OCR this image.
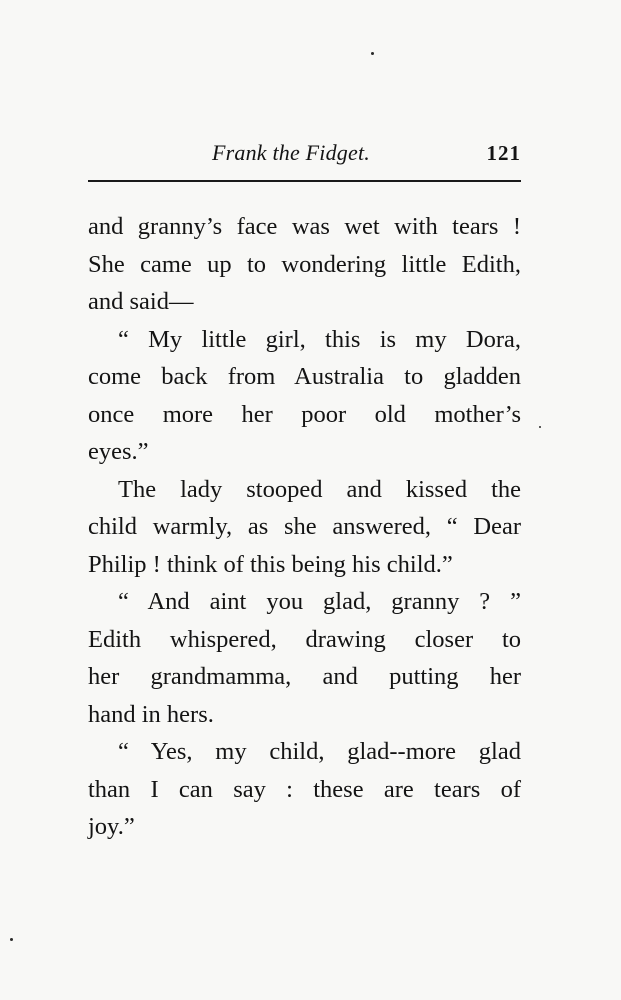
Frank the Fidget.	121
and granny’s face was wet with tears !
She came up to wondering little Edith,
and said—
“ My little girl, this is my Dora,
come back from Australia to gladden
once more her poor old mother’s
eyes.”
The lady stooped and kissed the
child warmly, as she answered, “ Dear
Philip ! think of this being his child.”
“ And aint you glad, granny ? ”
Edith whispered, drawing closer to
her grandmamma, and putting her
hand in hers.
“ Yes, my child, glad--more glad
than I can say : these are tears of
joy.”
